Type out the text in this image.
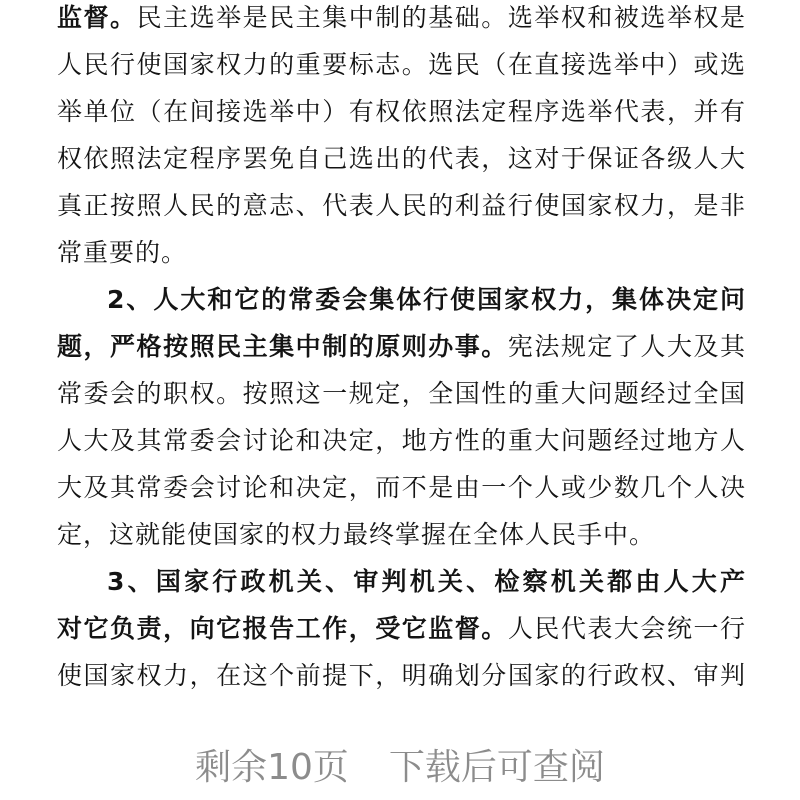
监督。民主选举是民主集中制的基础。选举权和被选举权是
人民行使国家权力的重要标志。选民（在直接选举中）或选
举单位（在间接选举中）有权依照法定程序选举代表，并有
权依照法定程序罢免自己选出的代表，这对于保证各级人大
真正按照人民的意志、代表人民的利益行使国家权力，是非
常重要的。
2、人大和它的常委会集体行使国家权力，集体决定问
题，严格按照民主集中制的原则办事。宪法规定了人大及其
常委会的职权。按照这一规定，全国性的重大问题经过全国
人大及其常委会讨论和决定，地方性的重大问题经过地方人
大及其常委会讨论和决定，而不是由一个人或少数几个人决
定，这就能使国家的权力最终掌握在全体人民手中。
3、国家行政机关、审判机关、检察机关都由人大产
对它负责，向它报告工作，受它监督。人民代表大会统一行
使国家权力，在这个前提下，明确划分国家的行政权、审判
剩余10页 下载后可查阅
